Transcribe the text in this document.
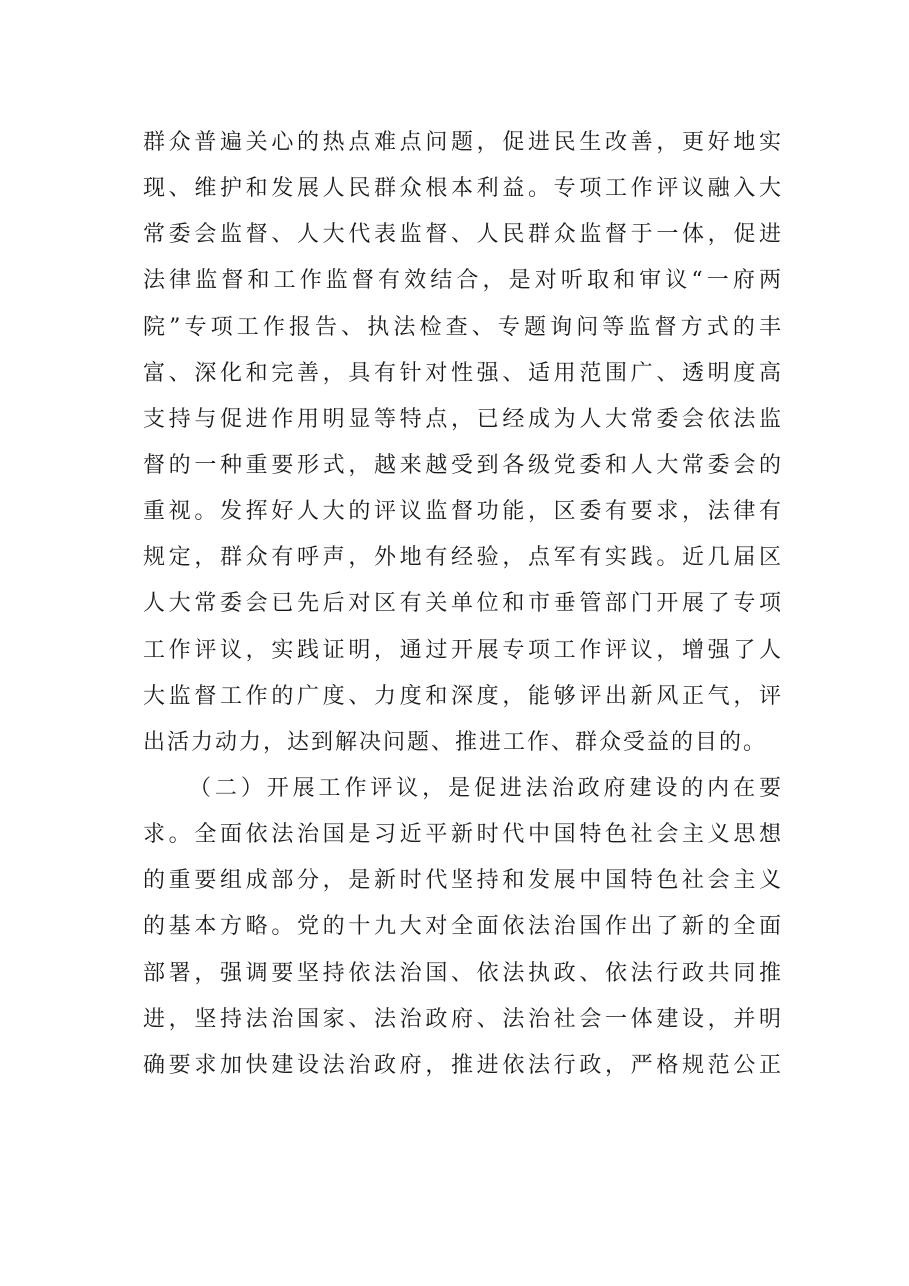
群众普遍关心的热点难点问题，促进民生改善，更好地实
现、维护和发展人民群众根本利益。专项工作评议融入大
常委会监督、人大代表监督、人民群众监督于一体，促进
法律监督和工作监督有效结合，是对听取和审议“一府两
院”专项工作报告、执法检查、专题询问等监督方式的丰
富、深化和完善，具有针对性强、适用范围广、透明度高
支持与促进作用明显等特点，已经成为人大常委会依法监
督的一种重要形式，越来越受到各级党委和人大常委会的
重视。发挥好人大的评议监督功能，区委有要求，法律有
规定，群众有呼声，外地有经验，点军有实践。近几届区
人大常委会已先后对区有关单位和市垂管部门开展了专项
工作评议，实践证明，通过开展专项工作评议，增强了人
大监督工作的广度、力度和深度，能够评出新风正气，评
出活力动力，达到解决问题、推进工作、群众受益的目的。
（二）开展工作评议，是促进法治政府建设的内在要
求。全面依法治国是习近平新时代中国特色社会主义思想
的重要组成部分，是新时代坚持和发展中国特色社会主义
的基本方略。党的十九大对全面依法治国作出了新的全面
部署，强调要坚持依法治国、依法执政、依法行政共同推
进，坚持法治国家、法治政府、法治社会一体建设，并明
确要求加快建设法治政府，推进依法行政，严格规范公正
